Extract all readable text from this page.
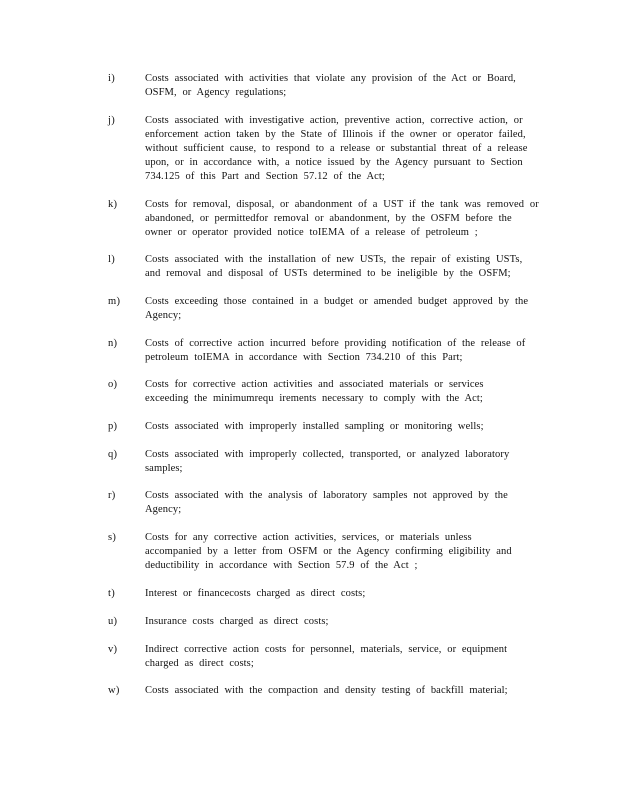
i)	Costs associated with activities that violate any provision of the Act or Board,
OSFM, or Agency regulations;
j)	Costs associated with investigative action, preventive action, corrective action, or
enforcement action taken by the State of Illinois if the owner or operator failed,
without sufficient cause, to respond to a release or substantial threat of a release
upon, or in accordance with, a notice issued by the Agency pursuant to Section
734.125 of this Part and Section 57.12 of the Act;
k)	Costs for removal, disposal, or abandonment of a UST if the tank was removed or
abandoned, or permittedfor removal or abandonment, by the OSFM before the
owner or operator provided notice toIEMA of a release of petroleum ;
l)	Costs associated with the installation of new USTs, the repair of existing USTs,
and removal and disposal of USTs determined to be ineligible by the OSFM;
m) Costs exceeding those contained in a budget or amended budget approved by the
Agency;
n)	Costs of corrective action incurred before providing notification of the release of
petroleum toIEMA in accordance with Section 734.210 of this Part;
o)	Costs for corrective action activities and associated materials or services
exceeding the minimumrequ irements necessary to comply with the Act;
p)	Costs associated with improperly installed sampling or monitoring wells;
q)	Costs associated with improperly collected, transported, or analyzed laboratory
samples;
r)	Costs associated with the analysis of laboratory samples not approved by the
Agency;
s)	Costs for any corrective action activities, services, or materials unless
accompanied by a letter from OSFM or the Agency confirming eligibility and
deductibility in accordance with Section 57.9 of the Act ;
t)	Interest or financecosts charged as direct costs;
u)	Insurance costs charged as direct costs;
v)	Indirect corrective action costs for personnel, materials, service, or equipment
charged as direct costs;
w) Costs associated with the compaction and density testing of backfill material;
